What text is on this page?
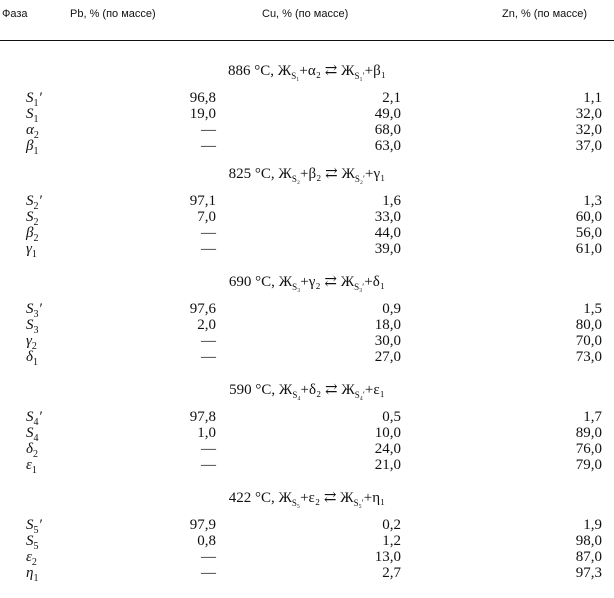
Фаза	Pb, % (по массе)	Cu, % (по массе)	Zn, % (по массе)
886 °C, $Ж_{S_1}+\alpha_2$ ⇄ $Ж_{S_1'}+\beta_1$
$S_1'$	96,8	2,1	1,1
$S_1$	19,0	49,0	32,0
$\alpha_2$	—	68,0	32,0
$\beta_1$	—	63,0	37,0
825 °C, $Ж_{S_2}+\beta_2$ ⇄ $Ж_{S_2'}+\gamma_1$
$S_2'$	97,1	1,6	1,3
$S_2$	7,0	33,0	60,0
$\beta_2$	—	44,0	56,0
$\gamma_1$	—	39,0	61,0
690 °C, $Ж_{S_3}+\gamma_2$ ⇄ $Ж_{S_3'}+\delta_1$
$S_3'$	97,6	0,9	1,5
$S_3$	2,0	18,0	80,0
$\gamma_2$	—	30,0	70,0
$\delta_1$	—	27,0	73,0
590 °C, $Ж_{S_4}+\delta_2$ ⇄ $Ж_{S_4'}+\varepsilon_1$
$S_4'$	97,8	0,5	1,7
$S_4$	1,0	10,0	89,0
$\delta_2$	—	24,0	76,0
$\varepsilon_1$	—	21,0	79,0
422 °C, $Ж_{S_5}+\varepsilon_2$ ⇄ $Ж_{S_5'}+\eta_1$
$S_5'$	97,9	0,2	1,9
$S_5$	0,8	1,2	98,0
$\varepsilon_2$	—	13,0	87,0
$\eta_1$	—	2,7	97,3
